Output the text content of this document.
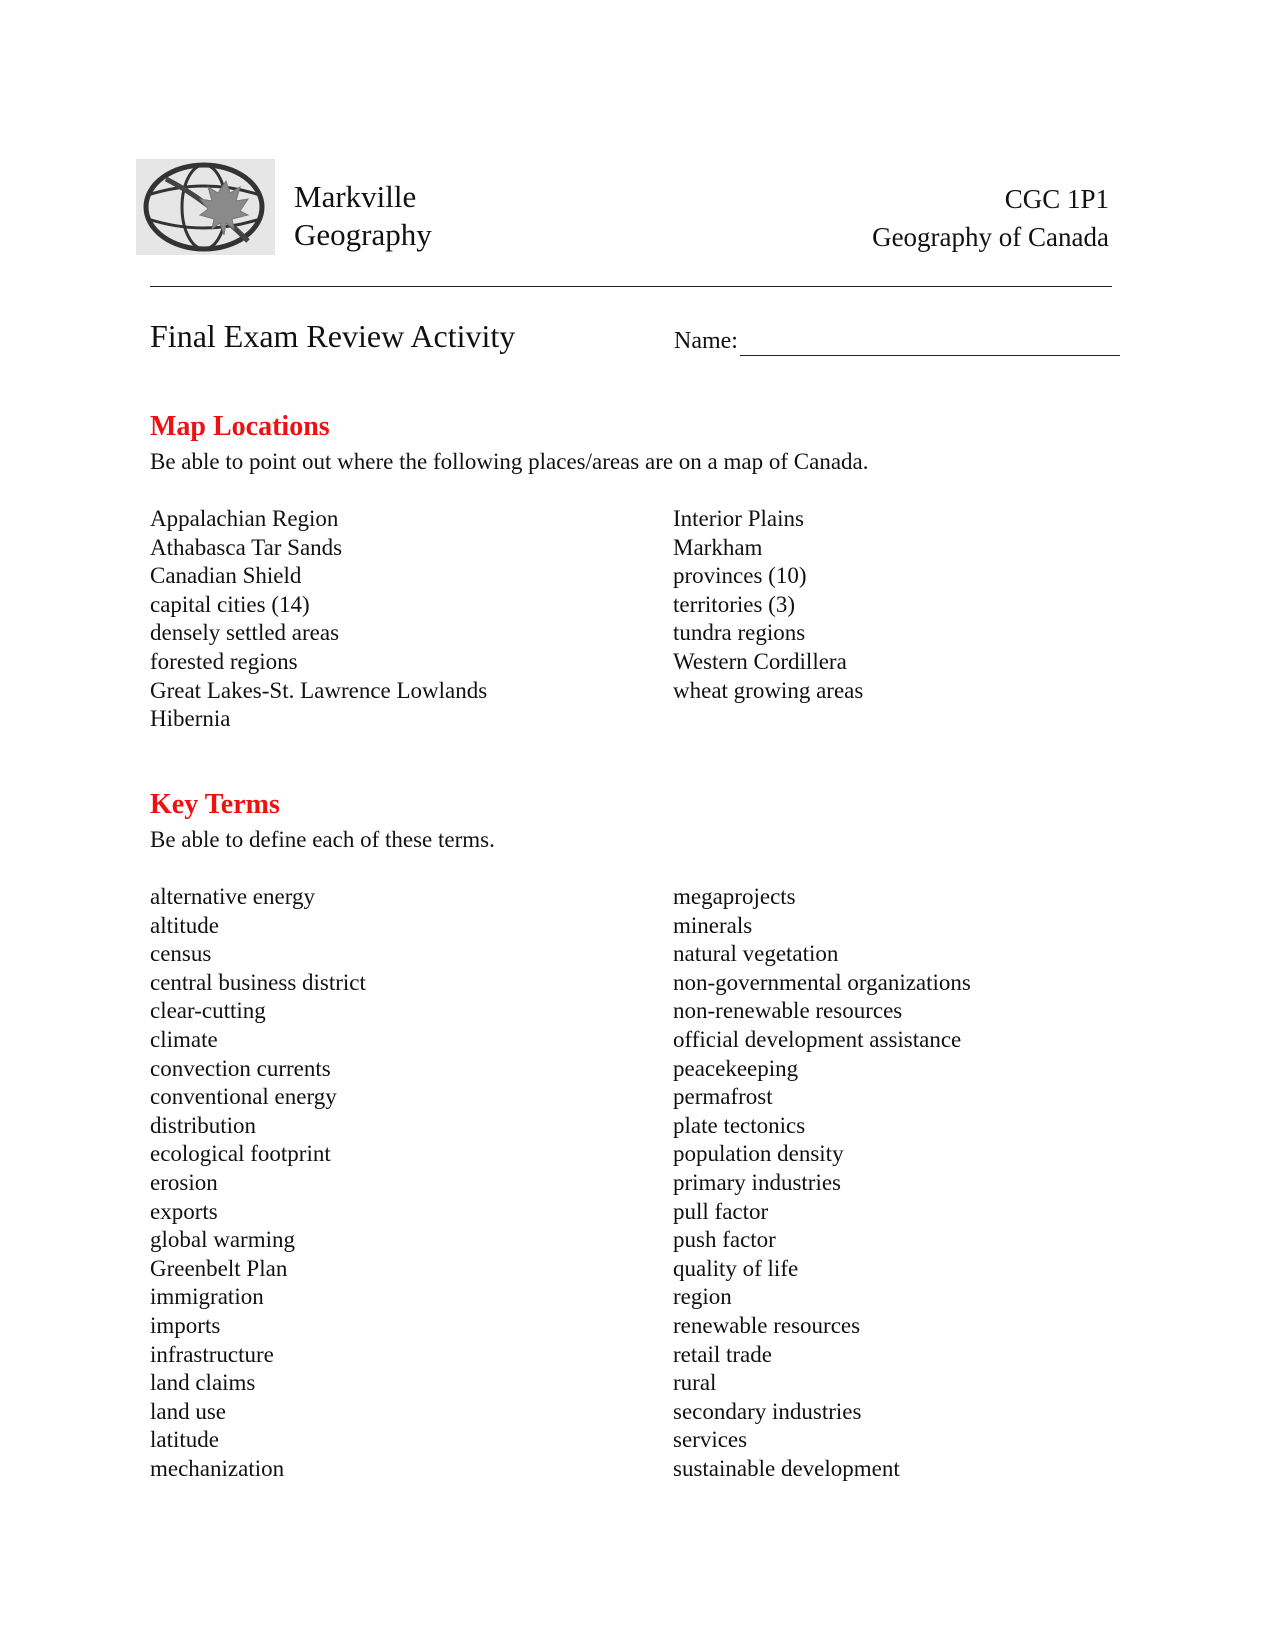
Markville
Geography
CGC 1P1
Geography of Canada
Final Exam Review Activity	Name:
Map Locations
Be able to point out where the following places/areas are on a map of Canada.
Appalachian Region
Athabasca Tar Sands
Canadian Shield
capital cities (14)
densely settled areas
forested regions
Great Lakes-St. Lawrence Lowlands
Hibernia
Interior Plains
Markham
provinces (10)
territories (3)
tundra regions
Western Cordillera
wheat growing areas
Key Terms
Be able to define each of these terms.
alternative energy
altitude
census
central business district
clear-cutting
climate
convection currents
conventional energy
distribution
ecological footprint
erosion
exports
global warming
Greenbelt Plan
immigration
imports
infrastructure
land claims
land use
latitude
mechanization
megaprojects
minerals
natural vegetation
non-governmental organizations
non-renewable resources
official development assistance
peacekeeping
permafrost
plate tectonics
population density
primary industries
pull factor
push factor
quality of life
region
renewable resources
retail trade
rural
secondary industries
services
sustainable development
